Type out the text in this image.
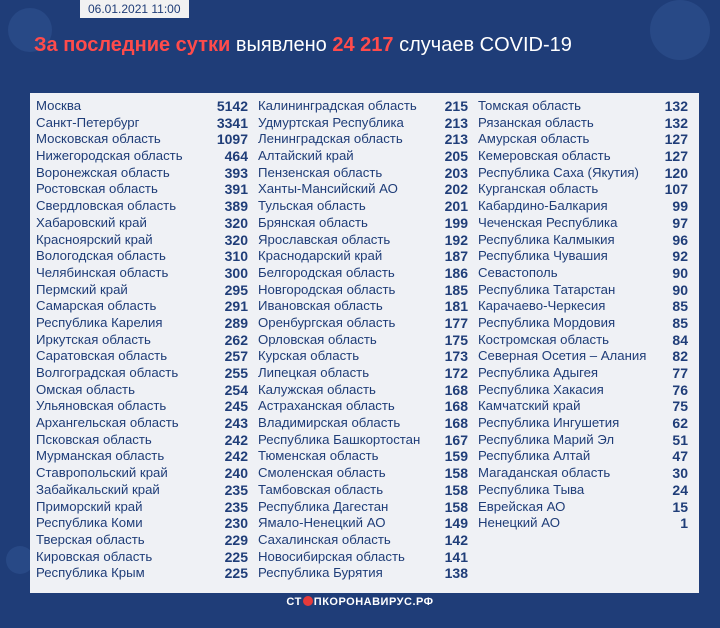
06.01.2021 11:00
За последние сутки выявлено 24 217 случаев COVID-19
Москва	5142
Санкт-Петербург	3341
Московская область	1097
Нижегородская область	464
Воронежская область	393
Ростовская область	391
Свердловская область	389
Хабаровский край	320
Красноярский край	320
Вологодская область	310
Челябинская область	300
Пермский край	295
Самарская область	291
Республика Карелия	289
Иркутская область	262
Саратовская область	257
Волгоградская область	255
Омская область	254
Ульяновская область	245
Архангельская область	243
Псковская область	242
Мурманская область	242
Ставропольский край	240
Забайкальский край	235
Приморский край	235
Республика Коми	230
Тверская область	229
Кировская область	225
Республика Крым	225
Калининградская область 215
Удмуртская Республика	213
Ленинградская область	213
Алтайский край	205
Пензенская область	203
Ханты-Мансийский АО	202
Тульская область	201
Брянская область	199
Ярославская область	192
Краснодарский край	187
Белгородская область	186
Новгородская область	185
Ивановская область	181
Оренбургская область	177
Орловская область	175
Курская область	173
Липецкая область	172
Калужская область	168
Астраханская область	168
Владимирская область	168
Республика Башкортостан 167
Тюменская область	159
Смоленская область	158
Тамбовская область	158
Республика Дагестан	158
Ямало-Ненецкий АО	149
Сахалинская область	142
Новосибирская область	141
Республика Бурятия	138
Томская область	132
Рязанская область	132
Амурская область	127
Кемеровская область	127
Республика Саха (Якутия) 120
Курганская область	107
Кабардино-Балкария	99
Чеченская Республика	97
Республика Калмыкия	96
Республика Чувашия	92
Севастополь	90
Республика Татарстан	90
Карачаево-Черкесия	85
Республика Мордовия	85
Костромская область	84
Северная Осетия – Алания 82
Республика Адыгея	77
Республика Хакасия	76
Камчатский край	75
Республика Ингушетия	62
Республика Марий Эл	51
Республика Алтай	47
Магаданская область	30
Республика Тыва	24
Еврейская АО	15
Ненецкий АО	1
СТ ПКОРОНАВИРУС.РФ
